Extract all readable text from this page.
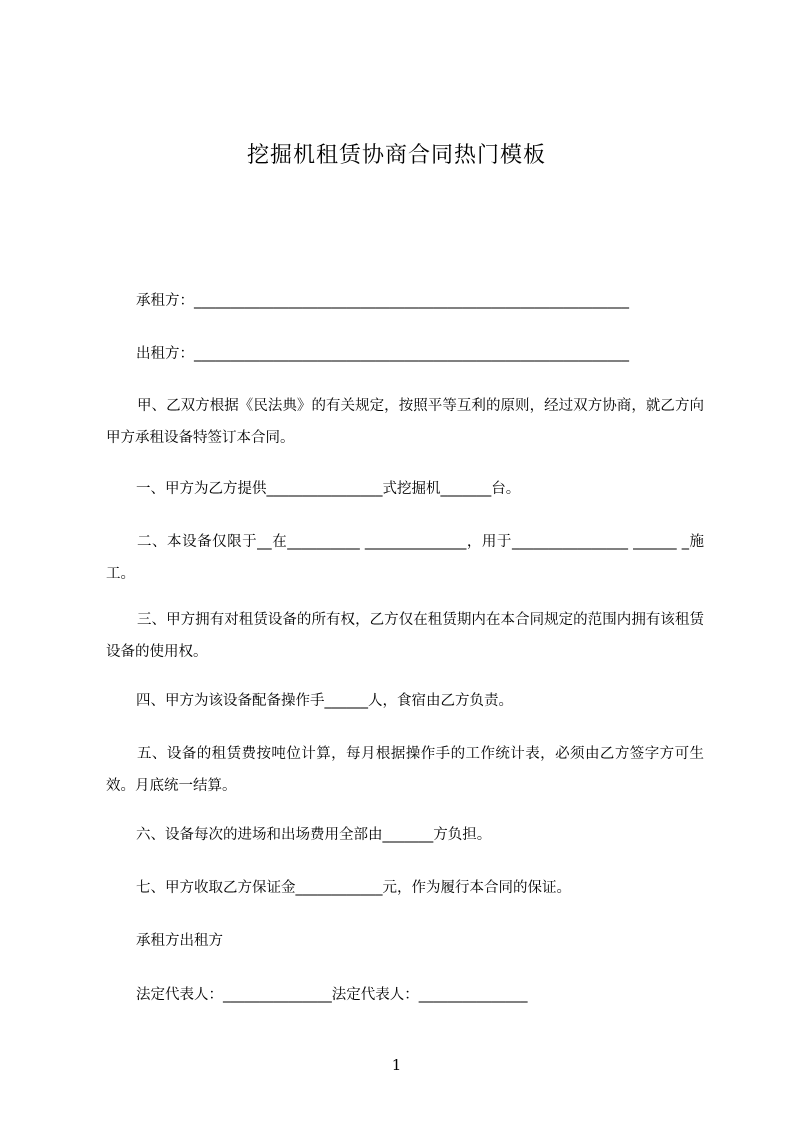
挖掘机租赁协商合同热门模板
承租方：____________________________________________________________
出租方：____________________________________________________________
甲、乙双方根据《民法典》的有关规定，按照平等互利的原则，经过双方协商，就乙方向甲方承租设备特签订本合同。
一、甲方为乙方提供________________式挖掘机_______台。
二、本设备仅限于__在__________ ______________，用于________________ ______ _施工。
三、甲方拥有对租赁设备的所有权，乙方仅在租赁期内在本合同规定的范围内拥有该租赁设备的使用权。
四、甲方为该设备配备操作手______人，食宿由乙方负责。
五、设备的租赁费按吨位计算，每月根据操作手的工作统计表，必须由乙方签字方可生效。月底统一结算。
六、设备每次的进场和出场费用全部由_______方负担。
七、甲方收取乙方保证金____________元，作为履行本合同的保证。
承租方出租方
法定代表人：_______________法定代表人：_______________
1
